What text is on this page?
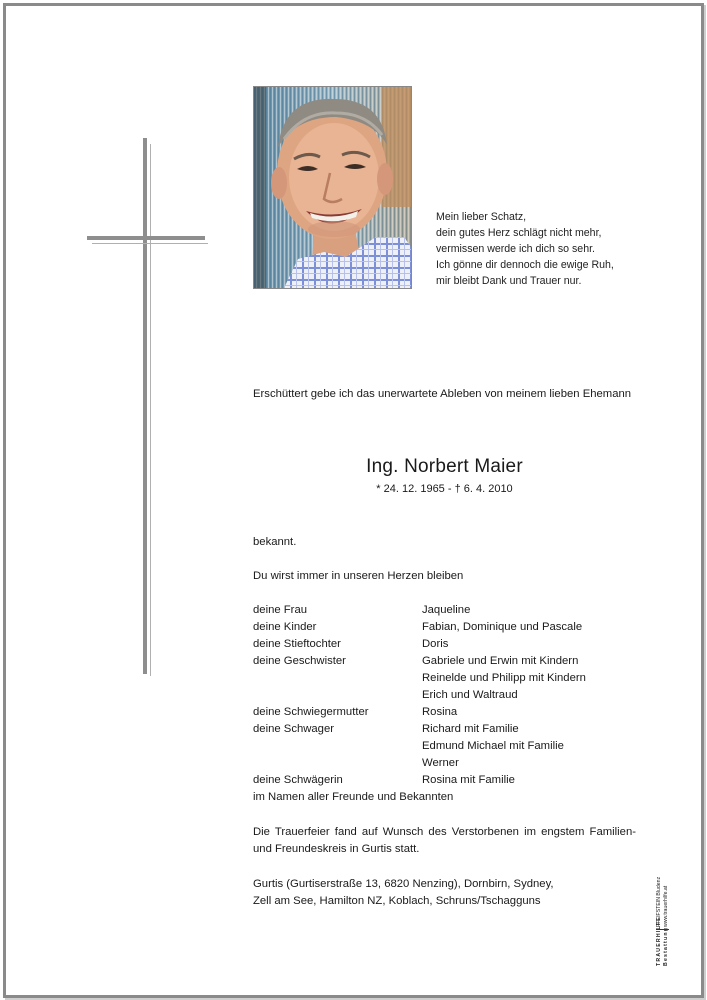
Mein lieber Schatz,
dein gutes Herz schlägt nicht mehr,
vermissen werde ich dich so sehr.
Ich gönne dir dennoch die ewige Ruh,
mir bleibt Dank und Trauer nur.
Erschüttert gebe ich das unerwartete Ableben von meinem lieben Ehemann
Ing. Norbert Maier
* 24. 12. 1965 - † 6. 4. 2010
bekannt.
Du wirst immer in unseren Herzen bleiben
deine Frau	Jaqueline
deine Kinder	Fabian, Dominique und Pascale
deine Stieftochter	Doris
deine Geschwister	Gabriele und Erwin mit Kindern
Reinelde und Philipp mit Kindern
Erich und Waltraud
deine Schwiegermutter	Rosina
deine Schwager	Richard mit Familie
Edmund Michael mit Familie
Werner
deine Schwägerin	Rosina mit Familie
im Namen aller Freunde und Bekannten
Die Trauerfeier fand auf Wunsch des Verstorbenen im engstem Familien- und Freundeskreis in Gurtis statt.
Gurtis (Gurtiserstraße 13, 6820 Nenzing), Dornbirn, Sydney,
Zell am See, Hamilton NZ, Koblach, Schruns/Tschagguns
TRAUERHILFE
PFEIFSTEIN Bludenz
Bestattung
www.trauerhilfe.at
